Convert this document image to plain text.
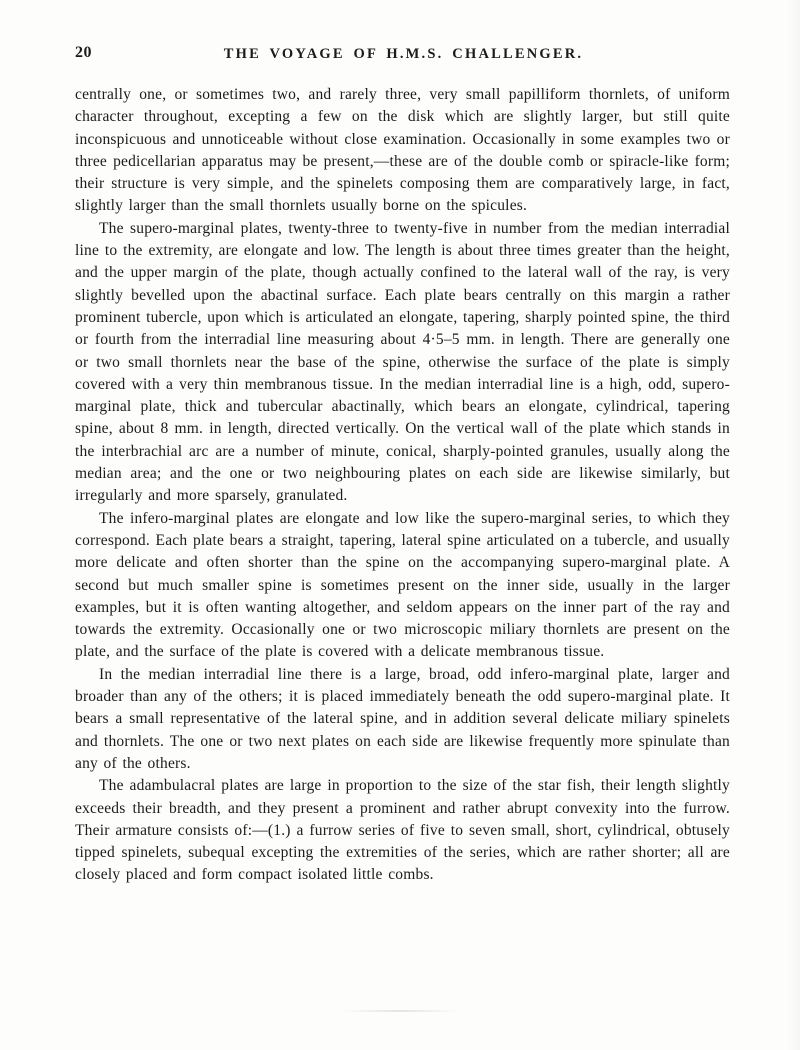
20	THE VOYAGE OF H.M.S. CHALLENGER.

centrally one, or sometimes two, and rarely three, very small papilliform thornlets, of uniform character throughout, excepting a few on the disk which are slightly larger, but still quite inconspicuous and unnoticeable without close examination. Occasionally in some examples two or three pedicellarian apparatus may be present,—these are of the double comb or spiracle-like form; their structure is very simple, and the spinelets composing them are comparatively large, in fact, slightly larger than the small thornlets usually borne on the spicules.

The supero-marginal plates, twenty-three to twenty-five in number from the median interradial line to the extremity, are elongate and low. The length is about three times greater than the height, and the upper margin of the plate, though actually confined to the lateral wall of the ray, is very slightly bevelled upon the abactinal surface. Each plate bears centrally on this margin a rather prominent tubercle, upon which is articulated an elongate, tapering, sharply pointed spine, the third or fourth from the interradial line measuring about 4·5–5 mm. in length. There are generally one or two small thornlets near the base of the spine, otherwise the surface of the plate is simply covered with a very thin membranous tissue. In the median interradial line is a high, odd, supero-marginal plate, thick and tubercular abactinally, which bears an elongate, cylindrical, tapering spine, about 8 mm. in length, directed vertically. On the vertical wall of the plate which stands in the interbrachial arc are a number of minute, conical, sharply-pointed granules, usually along the median area; and the one or two neighbouring plates on each side are likewise similarly, but irregularly and more sparsely, granulated.

The infero-marginal plates are elongate and low like the supero-marginal series, to which they correspond. Each plate bears a straight, tapering, lateral spine articulated on a tubercle, and usually more delicate and often shorter than the spine on the accompanying supero-marginal plate. A second but much smaller spine is sometimes present on the inner side, usually in the larger examples, but it is often wanting altogether, and seldom appears on the inner part of the ray and towards the extremity. Occasionally one or two microscopic miliary thornlets are present on the plate, and the surface of the plate is covered with a delicate membranous tissue.

In the median interradial line there is a large, broad, odd infero-marginal plate, larger and broader than any of the others; it is placed immediately beneath the odd supero-marginal plate. It bears a small representative of the lateral spine, and in addition several delicate miliary spinelets and thornlets. The one or two next plates on each side are likewise frequently more spinulate than any of the others.

The adambulacral plates are large in proportion to the size of the star fish, their length slightly exceeds their breadth, and they present a prominent and rather abrupt convexity into the furrow. Their armature consists of:—(1.) a furrow series of five to seven small, short, cylindrical, obtusely tipped spinelets, subequal excepting the extremities of the series, which are rather shorter; all are closely placed and form compact isolated little combs.
